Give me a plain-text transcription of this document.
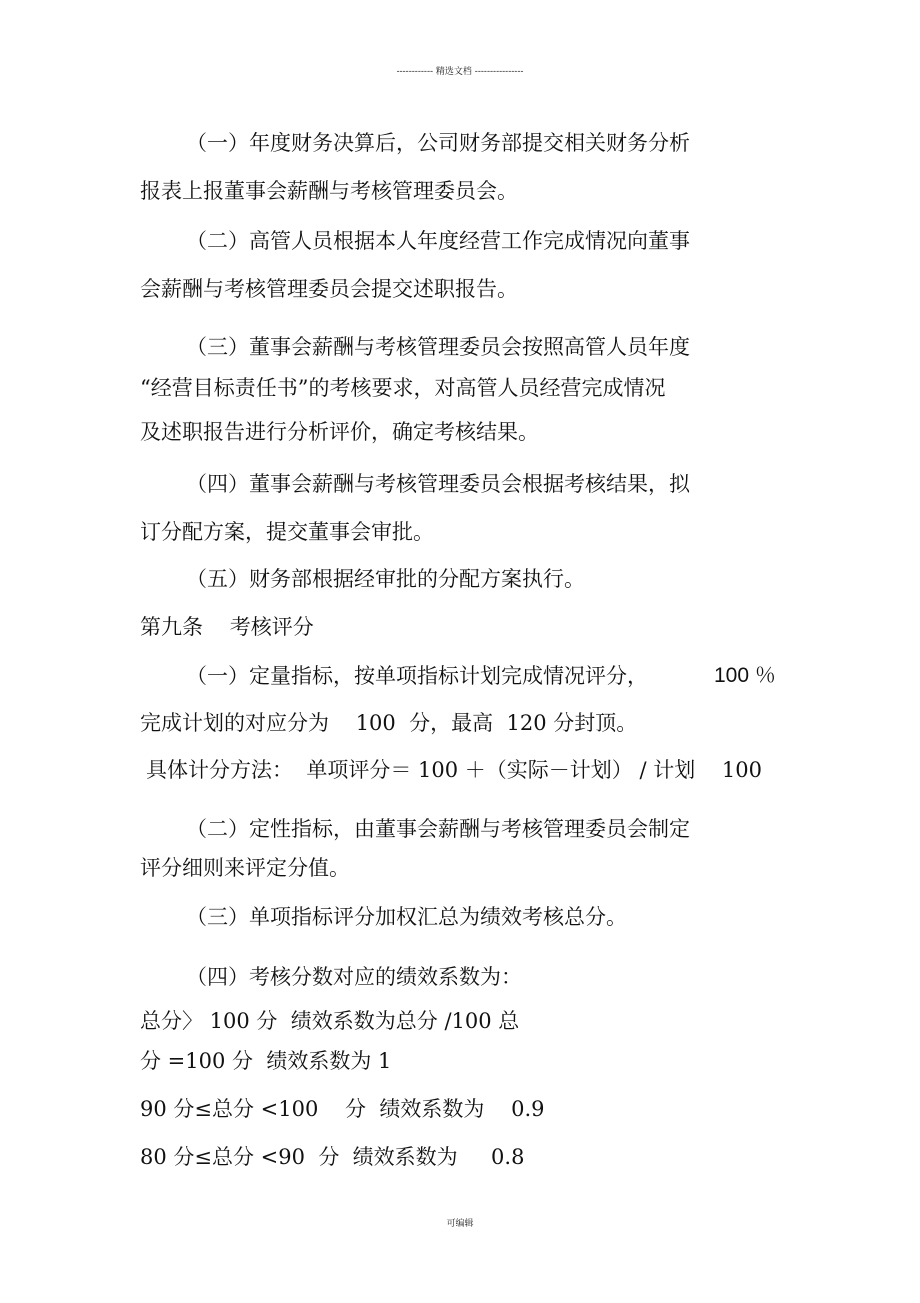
------------ 精选文档 ----------------
（一）年度财务决算后，公司财务部提交相关财务分析
报表上报董事会薪酬与考核管理委员会。
（二）高管人员根据本人年度经营工作完成情况向董事
会薪酬与考核管理委员会提交述职报告。
（三）董事会薪酬与考核管理委员会按照高管人员年度
“经营目标责任书”的考核要求，对高管人员经营完成情况
及述职报告进行分析评价，确定考核结果。
（四）董事会薪酬与考核管理委员会根据考核结果，拟
订分配方案，提交董事会审批。
（五）财务部根据经审批的分配方案执行。
第九条    考核评分
（一）定量指标，按单项指标计划完成情况评分，	100 ％
完成计划的对应分为    100  分，最高  120 分封顶。
具体计分方法：  单项评分＝ 100 ＋（实际－计划） / 计划    100
（二）定性指标，由董事会薪酬与考核管理委员会制定
评分细则来评定分值。
（三）单项指标评分加权汇总为绩效考核总分。
（四）考核分数对应的绩效系数为：
总分〉 100 分  绩效系数为总分 /100 总
分 =100 分  绩效系数为 1
90 分≤总分 <100    分  绩效系数为    0.9
80 分≤总分 <90  分  绩效系数为     0.8
可编辑
